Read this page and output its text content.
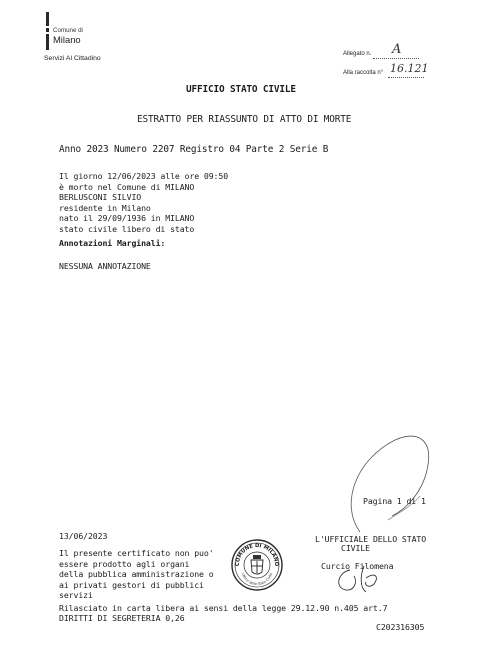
Comune di
Milano
Servizi Al Cittadino
Allegato n. A
Alla raccolta n° 16.121
UFFICIO STATO CIVILE
ESTRATTO PER RIASSUNTO DI ATTO DI MORTE
Anno 2023 Numero 2207 Registro 04 Parte 2 Serie B
Il giorno 12/06/2023 alle ore 09:50
è morto nel Comune di MILANO
BERLUSCONI SILVIO
residente in Milano
nato il 29/09/1936 in MILANO
stato civile libero di stato
Annotazioni Marginali:
NESSUNA ANNOTAZIONE
Pagina 1 di 1
13/06/2023
Il presente certificato non puo'
essere prodotto agli organi
della pubblica amministrazione o
ai privati gestori di pubblici
servizi
COMUNE DI MILANO
Ufficio dello Stato Civile
L'UFFICIALE DELLO STATO
CIVILE
Curcio Filomena
Rilasciato in carta libera ai sensi della legge 29.12.90 n.405 art.7
DIRITTI DI SEGRETERIA 0,26
C202316305
